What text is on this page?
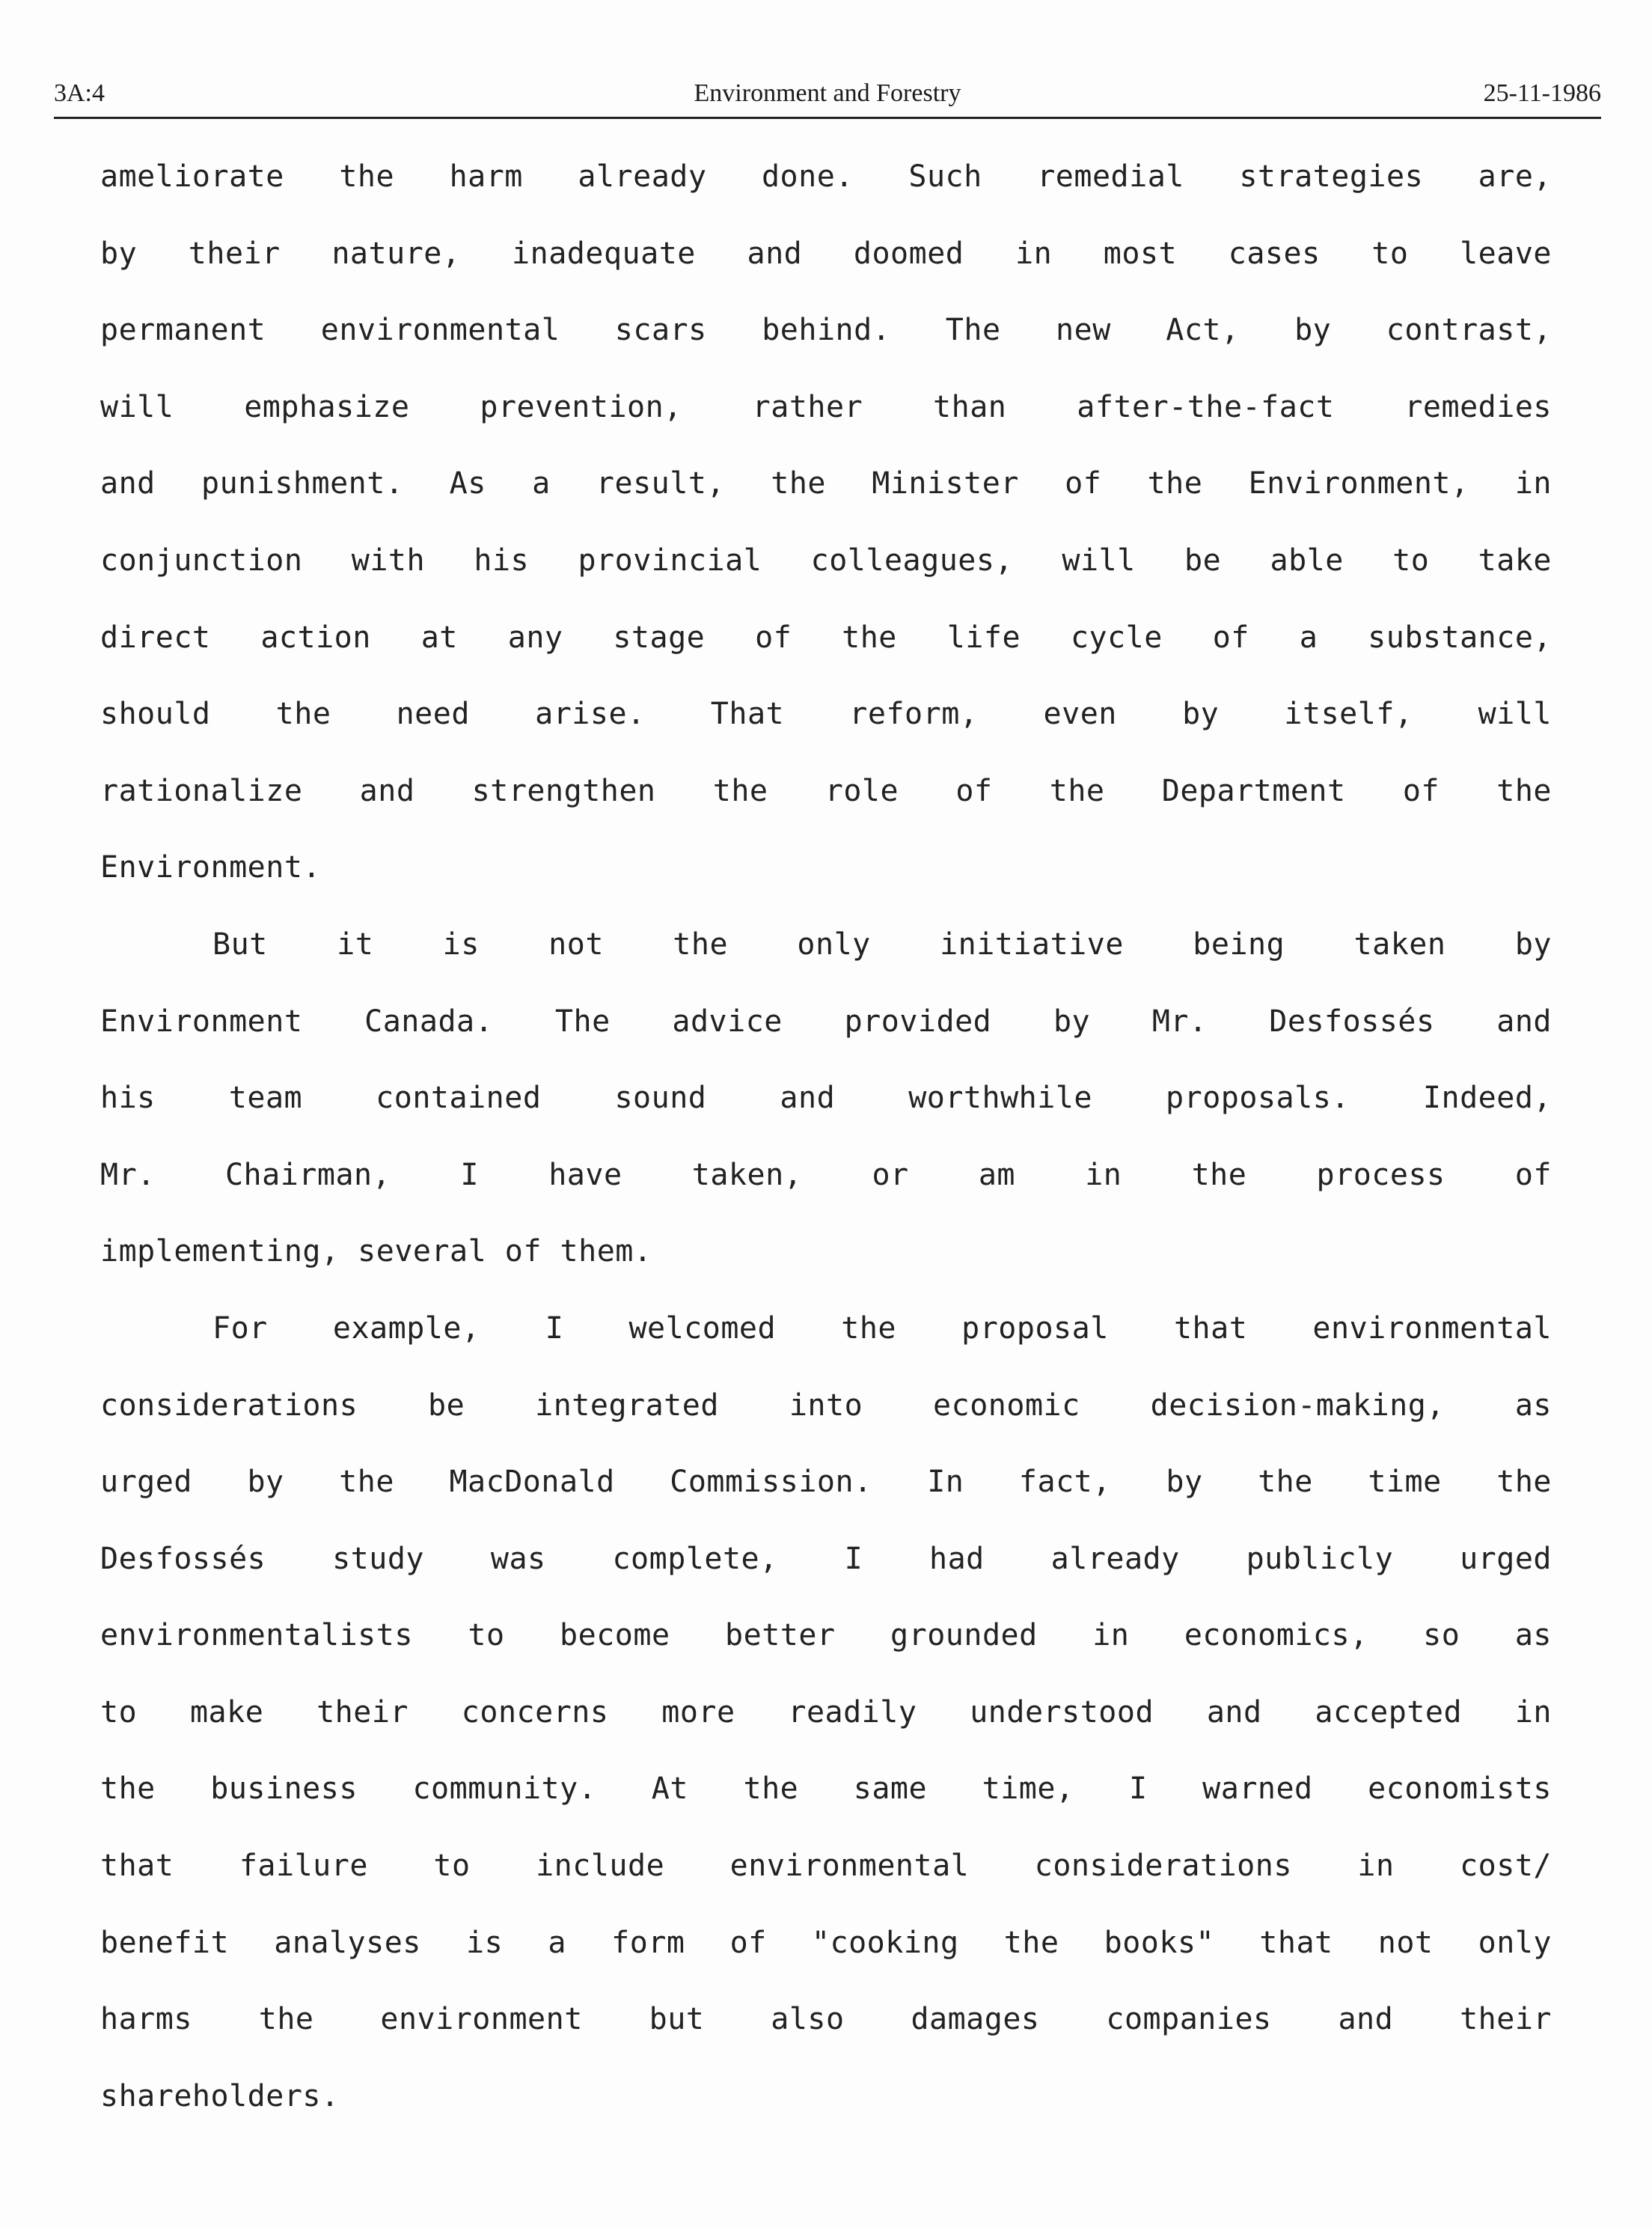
3A:4	Environment and Forestry	25-11-1986
ameliorate the harm already done. Such remedial strategies are,
by their nature, inadequate and doomed in most cases to leave
permanent environmental scars behind. The new Act, by contrast,
will emphasize prevention, rather than after-the-fact remedies
and punishment. As a result, the Minister of the Environment, in
conjunction with his provincial colleagues, will be able to take
direct action at any stage of the life cycle of a substance,
should the need arise. That reform, even by itself, will
rationalize and strengthen the role of the Department of the
Environment.
But it is not the only initiative being taken by
Environment Canada. The advice provided by Mr. Desfossés and
his team contained sound and worthwhile proposals. Indeed,
Mr. Chairman, I have taken, or am in the process of
implementing, several of them.
For example, I welcomed the proposal that environmental
considerations be integrated into economic decision-making, as
urged by the MacDonald Commission. In fact, by the time the
Desfossés study was complete, I had already publicly urged
environmentalists to become better grounded in economics, so as
to make their concerns more readily understood and accepted in
the business community. At the same time, I warned economists
that failure to include environmental considerations in cost/
benefit analyses is a form of "cooking the books" that not only
harms the environment but also damages companies and their
shareholders.
